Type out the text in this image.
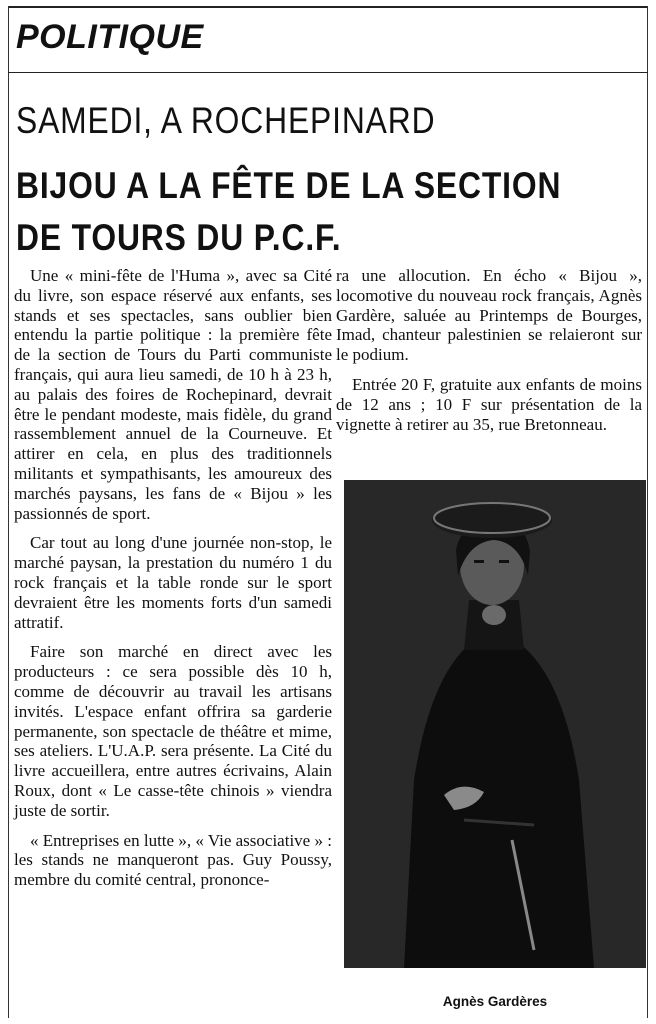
POLITIQUE
SAMEDI, A ROCHEPINARD
BIJOU A LA FÊTE DE LA SECTION
DE TOURS DU P.C.F.

Une « mini-fête de l'Huma », avec sa Cité du livre, son espace réservé aux enfants, ses stands et ses spectacles, sans oublier bien entendu la partie politique : la première fête de la section de Tours du Parti communiste français, qui aura lieu samedi, de 10 h à 23 h, au palais des foires de Rochepinard, devrait être le pendant modeste, mais fidèle, du grand rassemblement annuel de la Courneuve. Et attirer en cela, en plus des traditionnels militants et sympathisants, les amoureux des marchés paysans, les fans de « Bijou » les passionnés de sport.

Car tout au long d'une journée non-stop, le marché paysan, la prestation du numéro 1 du rock français et la table ronde sur le sport devraient être les moments forts d'un samedi attratif.

Faire son marché en direct avec les producteurs : ce sera possible dès 10 h, comme de découvrir au travail les artisans invités. L'espace enfant offrira sa garderie permanente, son spectacle de théâtre et mime, ses ateliers. L'U.A.P. sera présente. La Cité du livre accueillera, entre autres écrivains, Alain Roux, dont « Le casse-tête chinois » viendra juste de sortir.

« Entreprises en lutte », « Vie associative » : les stands ne manqueront pas. Guy Poussy, membre du comité central, prononce-

ra une allocution. En écho « Bijou », locomotive du nouveau rock français, Agnès Gardère, saluée au Printemps de Bourges, Imad, chanteur palestinien se relaieront sur le podium.

Entrée 20 F, gratuite aux enfants de moins de 12 ans ; 10 F sur présentation de la vignette à retirer au 35, rue Bretonneau.

Agnès Gardères
